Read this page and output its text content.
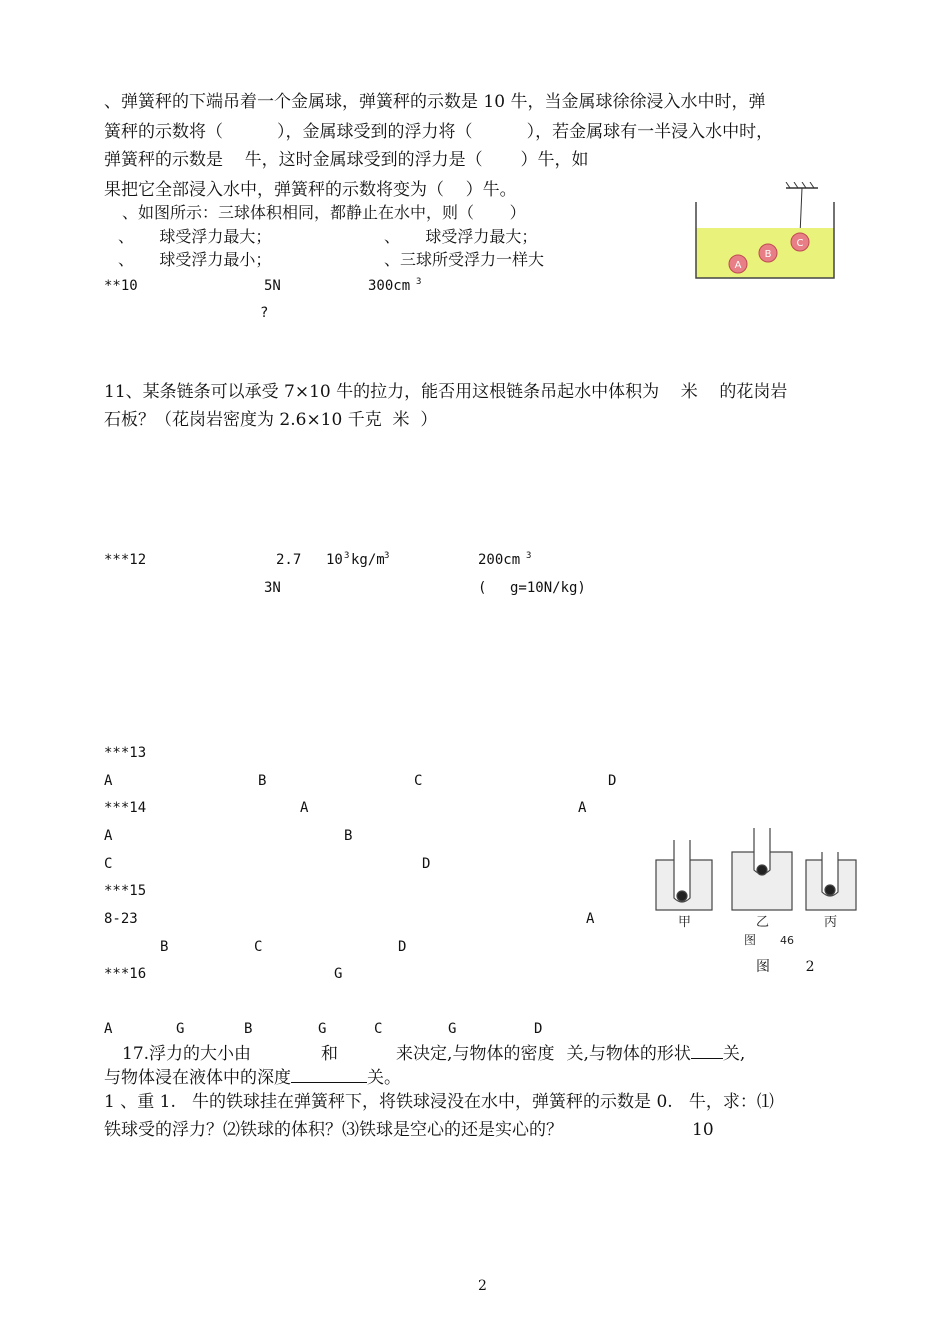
、弹簧秤的下端吊着一个金属球，弹簧秤的示数是 10 牛，当金属球徐徐浸入水中时，弹
簧秤的示数将（          ），金属球受到的浮力将（          ），若金属球有一半浸入水中时，
弹簧秤的示数是    牛，这时金属球受到的浮力是（       ）牛，如
果把它全部浸入水中，弹簧秤的示数将变为（    ）牛。
、如图所示：三球体积相同，都静止在水中，则（       ）
、     球受浮力最大；	、     球受浮力最大；
、     球受浮力最小；	、三球所受浮力一样大	A
B
C
**10	5N	300cm 3
?
11、某条链条可以承受 7×10 牛的拉力，能否用这根链条吊起水中体积为    米    的花岗岩
石板？（花岗岩密度为 2.6×10 千克  米  ）
***12	2.7 10 3 kg/m 3	200cm 3
3N	( g=10N/kg)
***13
A	B	C	D
***14	A	A
A	B
C	D
***15
8-23	A
B	C	D
***16	G
A	G	B	G	C	G	D
甲	乙	丙
图 46
图        2
17.浮力的大小由	和	来决定,与物体的密度 关,与物体的形状 关,
与物体浸在液体中的深度	关。
1 、重 1.   牛的铁球挂在弹簧秤下，将铁球浸没在水中，弹簧秤的示数是 0.   牛，求：⑴
铁球受的浮力？⑵铁球的体积？⑶铁球是空心的还是实心的？	10
2
